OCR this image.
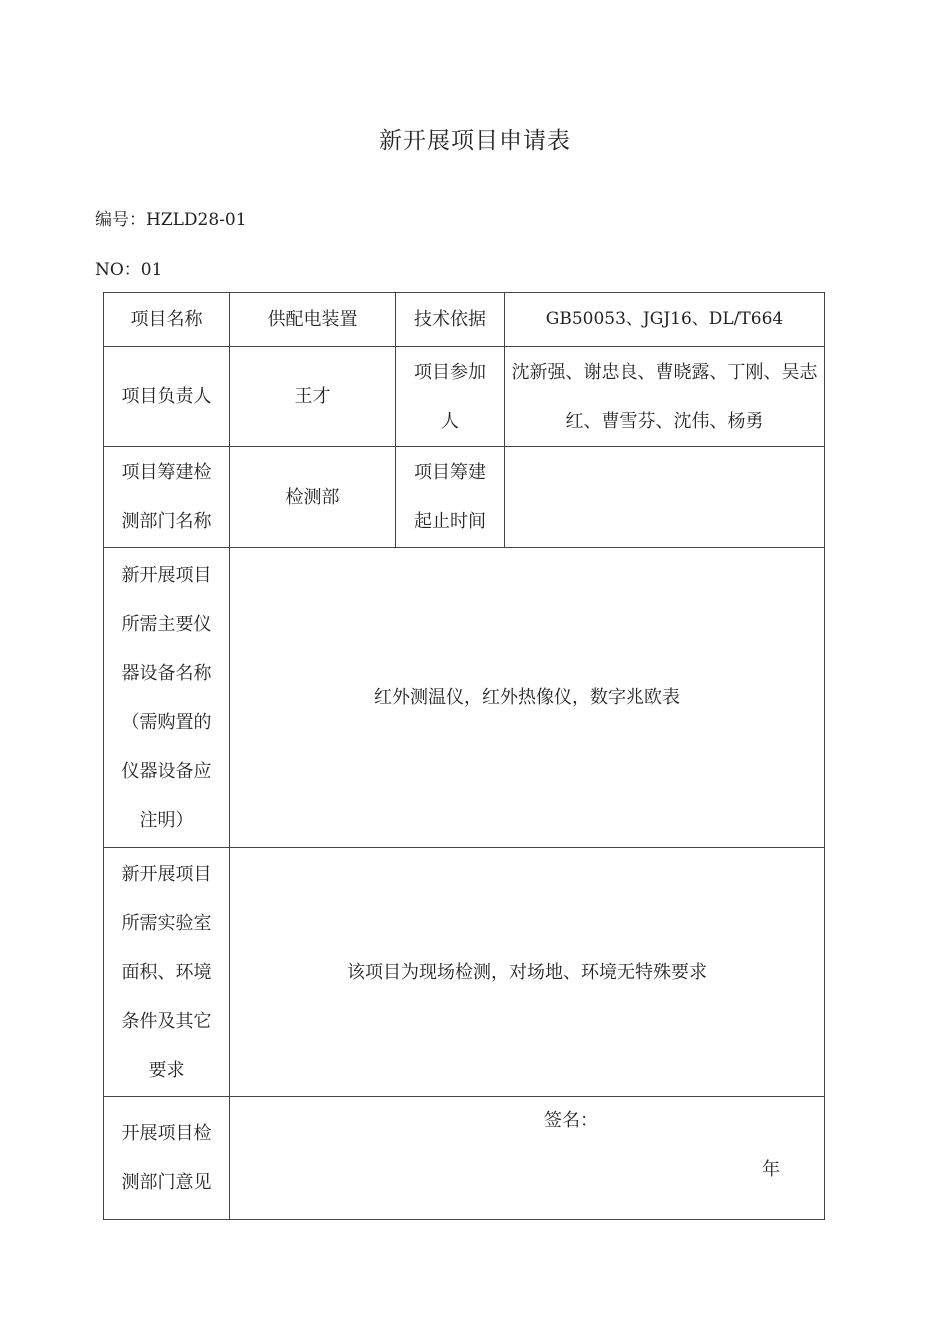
新开展项目申请表
编号：HZLD28-01
NO：01
项目名称	供配电装置	技术依据	GB50053、JGJ16、DL/T664
项目负责人	王才	项目参加人	沈新强、谢忠良、曹晓露、丁刚、吴志红、曹雪芬、沈伟、杨勇
项目筹建检测部门名称	检测部	项目筹建起止时间	
新开展项目所需主要仪器设备名称（需购置的仪器设备应注明）	红外测温仪，红外热像仪，数字兆欧表		
新开展项目所需实验室面积、环境条件及其它要求	该项目为现场检测，对场地、环境无特殊要求		
开展项目检测部门意见	签名：
年		
